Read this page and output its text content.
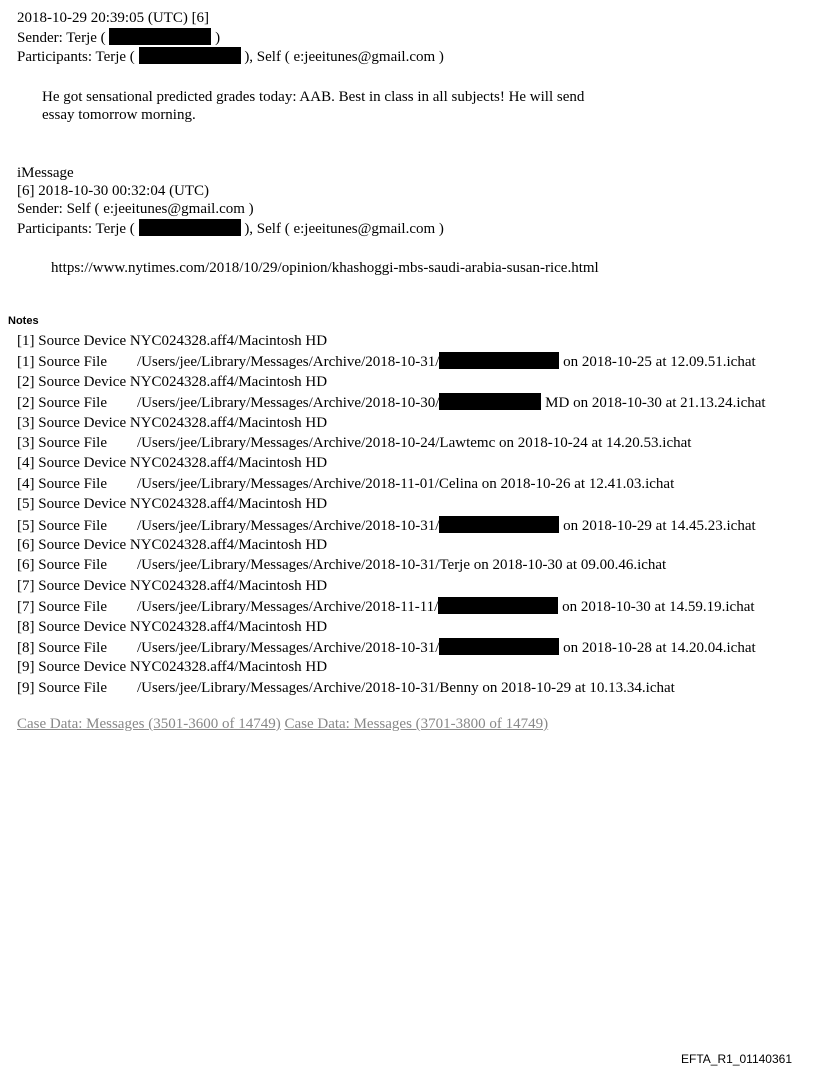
2018-10-29 20:39:05 (UTC) [6]
Sender: Terje (	)
Participants: Terje (	), Self ( e:jeeitunes@gmail.com )
He got sensational predicted grades today: AAB. Best in class in all subjects! He will send
essay tomorrow morning.
iMessage
[6] 2018-10-30 00:32:04 (UTC)
Sender: Self ( e:jeeitunes@gmail.com )
Participants: Terje (	), Self ( e:jeeitunes@gmail.com )
https://www.nytimes.com/2018/10/29/opinion/khashoggi-mbs-saudi-arabia-susan-rice.html
Notes
[1] Source Device NYC024328.aff4/Macintosh HD
[1] Source File /Users/jee/Library/Messages/Archive/2018-10-31/	on 2018-10-25 at 12.09.51.ichat
[2] Source Device NYC024328.aff4/Macintosh HD
[2] Source File /Users/jee/Library/Messages/Archive/2018-10-30/	MD on 2018-10-30 at 21.13.24.ichat
[3] Source Device NYC024328.aff4/Macintosh HD
[3] Source File /Users/jee/Library/Messages/Archive/2018-10-24/Lawtemc on 2018-10-24 at 14.20.53.ichat
[4] Source Device NYC024328.aff4/Macintosh HD
[4] Source File /Users/jee/Library/Messages/Archive/2018-11-01/Celina on 2018-10-26 at 12.41.03.ichat
[5] Source Device NYC024328.aff4/Macintosh HD
[5] Source File /Users/jee/Library/Messages/Archive/2018-10-31/	on 2018-10-29 at 14.45.23.ichat
[6] Source Device NYC024328.aff4/Macintosh HD
[6] Source File /Users/jee/Library/Messages/Archive/2018-10-31/Terje on 2018-10-30 at 09.00.46.ichat
[7] Source Device NYC024328.aff4/Macintosh HD
[7] Source File /Users/jee/Library/Messages/Archive/2018-11-11/	on 2018-10-30 at 14.59.19.ichat
[8] Source Device NYC024328.aff4/Macintosh HD
[8] Source File /Users/jee/Library/Messages/Archive/2018-10-31/	on 2018-10-28 at 14.20.04.ichat
[9] Source Device NYC024328.aff4/Macintosh HD
[9] Source File /Users/jee/Library/Messages/Archive/2018-10-31/Benny on 2018-10-29 at 10.13.34.ichat
Case Data: Messages (3501-3600 of 14749) Case Data: Messages (3701-3800 of 14749)
EFTA_R1_01140361
